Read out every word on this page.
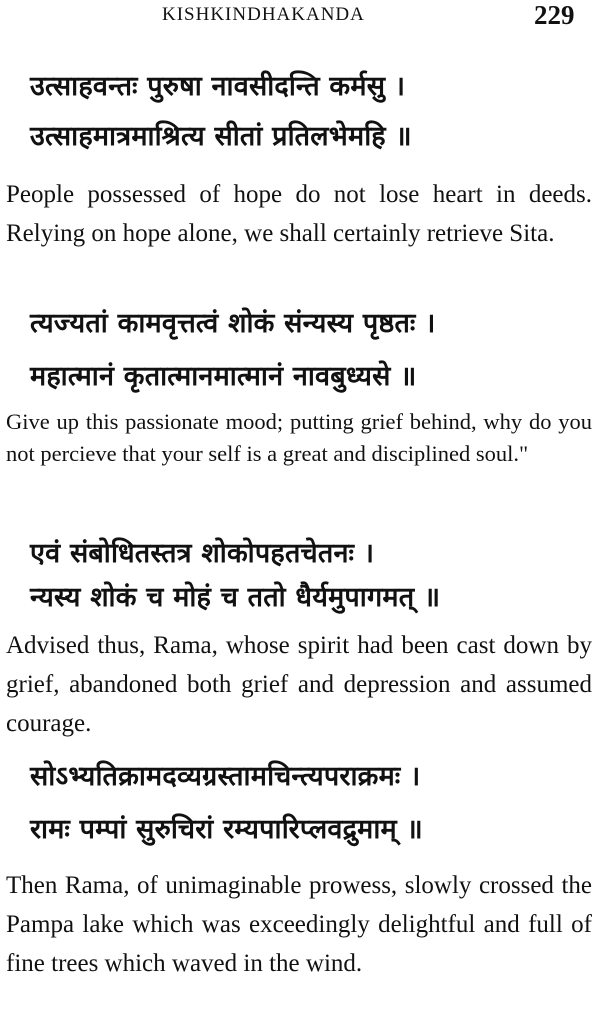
KISHKINDHAKANDA	229
उत्साहवन्तः पुरुषा नावसीदन्ति कर्मसु ।
उत्साहमात्रमाश्रित्य सीतां प्रतिलभेमहि ॥
People possessed of hope do not lose heart in deeds. Relying on hope alone, we shall certainly retrieve Sita.
त्यज्यतां कामवृत्तत्वं शोकं संन्यस्य पृष्ठतः ।
महात्मानं कृतात्मानमात्मानं नावबुध्यसे ॥
Give up this passionate mood; putting grief behind, why do you not percieve that your self is a great and disciplined soul."
एवं संबोधितस्तत्र शोकोपहतचेतनः ।
न्यस्य शोकं च मोहं च ततो धैर्यमुपागमत् ॥
Advised thus, Rama, whose spirit had been cast down by grief, abandoned both grief and depression and assumed courage.
सोऽभ्यतिक्रामदव्यग्रस्तामचिन्त्यपराक्रमः ।
रामः पम्पां सुरुचिरां रम्यपारिप्लवद्रुमाम् ॥
Then Rama, of unimaginable prowess, slowly crossed the Pampa lake which was exceedingly delightful and full of fine trees which waved in the wind.
